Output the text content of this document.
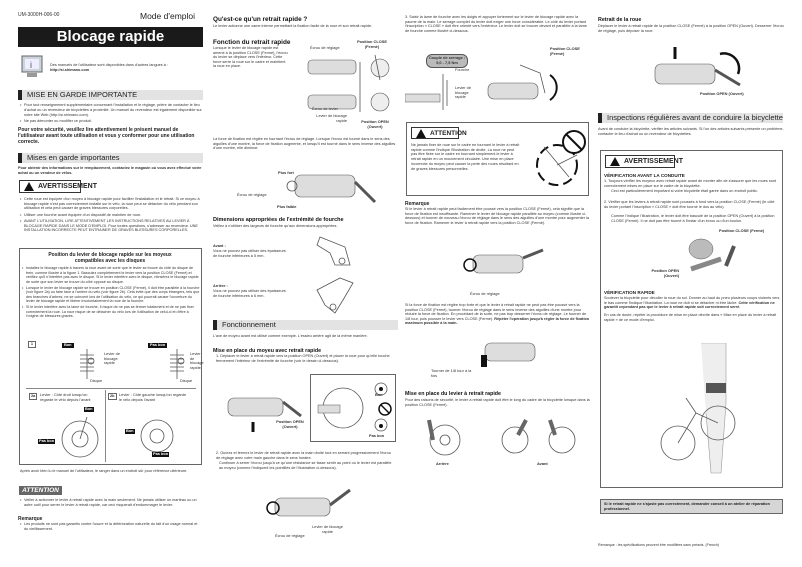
UM-3000H-006-00	Mode d'emploi
Blocage rapide
i	Des manuels de l'utilisateur sont disponibles dans d'autres langues à :
http://si.shimano.com
MISE EN GARDE IMPORTANTE
• Pour tout renseignement supplémentaire concernant l'installation et le réglage, prière de contacter le lieu d'achat ou un revendeur de bicyclettes à proximité. Un manuel du revendeur est également disponible sur notre site Web (http://si.shimano.com).
• Ne pas démonter ou modifier ce produit.
Pour votre sécurité, veuillez lire attentivement le présent manuel de l'utilisateur avant toute utilisation et vous y conformer pour une utilisation correcte.
Mises en garde importantes
Pour obtenir des informations sur le remplacement, contactez le magasin où vous avez effectué votre achat ou un vendeur de vélos.
AVERTISSEMENT
• Cette roue est équipée d'un moyeu à blocage rapide pour faciliter l'installation et le retrait. Si ce moyeu à blocage rapide n'est pas correctement installé sur le vélo, la roue peut se détacher du vélo pendant son utilisation et cela peut causer de graves blessures corporelles.
• Utiliser une fourche avant équipée d'un dispositif de maintien de roue.
• AVANT L'UTILISATION, LIRE ATTENTIVEMENT LES INSTRUCTIONS RELATIVES AU LEVIER À BLOCAGE RAPIDE DANS LE MODE D'EMPLOI. Pour toutes questions, s'adresser au revendeur. UNE INSTALLATION INCORRECTE PEUT ENTRAINER DE GRAVES BLESSURES CORPORELLES.
Position du levier de blocage rapide sur les moyeux compatibles avec les disques
• Installez le blocage rapide à travers la roue avant de sorte que le levier se trouve du côté du disque de frein, comme illustré à la figure 1. Basculez complètement le levier vers la position CLOSE (Fermé) et vérifiez qu'il n'interfère pas avec le disque. Si le levier interfère avec le disque, réinsérez le blocage rapide de sorte que son levier se trouve du côté opposé au disque.
• Lorsque le levier de blocage rapide se trouve en position CLOSE (Fermé), il doit être parallèle à la fourche (voir figure 2a) ou faire face à l'arrière du vélo (voir figure 2b). Cela évite que des corps étrangers, tels que des branches d'arbres, ne se coincent lors de l'utilisation du vélo, ce qui pourrait causer l'ouverture du levier de blocage rapide et libérer involontairement la roue de la fourche.
• Si le levier interfère avec la lame de fourche, il risque de ne pas se fermer totalement et de ne pas fixer correctement la roue. La roue risque de se détacher du vélo lors de l'utilisation de celui-ci et d'être à l'origine de blessures graves.
1	Bon
Levier de blocage rapide
Disque
Pas bon
Levier de blocage rapide
Disque
2a	Levier : Côté droit lorsqu'on regarde le vélo depuis l'avant
Bon
Pas bon
2b	Levier : Côté gauche lorsqu'on regarde le vélo depuis l'avant
Bon
Pas bon
Après avoir bien lu le manuel de l'utilisateur, le ranger dans un endroit sûr pour référence ultérieure.
ATTENTION
• Veiller à actionner le levier à retrait rapide avec la main seulement. Ne jamais utiliser un marteau ou un autre outil pour serrer le levier à retrait rapide, car ceci risquerait d'endommager le levier.
Remarque
• Les produits ne sont pas garantis contre l'usure et la détérioration naturelle du fait d'un usage normal et du vieillissement.
Qu'est-ce qu'un retrait rapide ?
Le levier actionne une came interne permettant la fixation facile de la roue et son retrait rapide.
Fonction du retrait rapide
Lorsque le levier de blocage rapide est amené à la position CLOSE (Fermé), l'écrou du levier se déplace vers l'intérieur. Cette force serre la roue sur le cadre et maintient la roue en place.
Écrou de réglage
Position CLOSE (Fermé)
Écrou de levier
Levier de blocage rapide	Position OPEN (Ouvert)
La force de fixation est réglée en tournant l'écrou de réglage. Lorsque l'écrou est tourné dans le sens des aiguilles d'une montre, la force de fixation augmente, et lorsqu'il est tourné dans le sens inverse des aiguilles d'une montre, elle diminue.
Plus fort
Écrou de réglage
Plus faible
Dimensions appropriées de l'extrémité de fourche
Veillez à n'utiliser des largeurs de fourche qu'aux dimensions appropriées.
Avant :
Vous ne pouvez pas utiliser des épaisseurs de fourche inférieures à 5 mm.
Arrière :
Vous ne pouvez pas utiliser des épaisseurs de fourche inférieures à 6 mm.
Fonctionnement
L'axe de moyeu avant est utilisé comme exemple. L'essieu arrière agit de la même manière.
Mise en place du moyeu avec retrait rapide
1. Déplacer le levier à retrait rapide vers la position OPEN (Ouvert) et placer la roue pour qu'elle touche fermement l'intérieur de l'extrémité de fourche (voir le dessin ci-dessous).
Position OPEN (Ouvert)
Bon
Pas bon
2. Ouvrez et fermez le levier de retrait rapide avec la main droite tout en serrant progressivement l'écrou de réglage avec votre main gauche dans le sens horaire.
Continuer à serrer l'écrou jusqu'à ce qu'une résistance se fasse sentir au point où le levier est parallèle au moyeu (comme l'indiquent les pointillés de l'illustration ci-dessous).
Levier de blocage rapide
Écrou de réglage
3. Saisir la lame de fourche avec les doigts et appuyer fortement sur le levier de blocage rapide avec la paume de la main. Le serrage complet du levier doit exiger une force considérable. Le côté du levier portant l'inscription « CLOSE » doit être orienté vers l'extérieur. Le levier doit se trouver devant et parallèle à la lame de fourche comme illustré ci-dessous.
Couple de serrage :
5,0 - 7,5 Nm
Fourche
Levier de blocage rapide
Position CLOSE (Fermé)
ATTENTION
Ne jamais fixer de roue sur le cadre en tournant le levier à retrait rapide comme l'indique l'illustration de droite. La roue ne peut pas être fixée sur le cadre en tournant simplement le levier à retrait rapide en un mouvement circulaire. Une mise en place incorrecte du moyeu peut causer la perte des roues résultant en de graves blessures personnelles.
Remarque
Si le levier à retrait rapide peut facilement être poussé vers la position CLOSE (Fermé), cela signifie que la force de fixation est insuffisante. Ramener le levier de blocage rapide parallèle au moyeu (comme illustré ci-dessous) et tourner de nouveau l'écrou de réglage dans le sens des aiguilles d'une montre pour augmenter la force de fixation. Ramener le levier à retrait rapide vers la position CLOSE (Fermé).
Écrou de réglage
Si la force de fixation est réglée trop forte et que le levier à retrait rapide ne peut pas être poussé vers la position CLOSE (Fermé), tourner l'écrou de réglage dans le sens inverse des aiguilles d'une montre pour réduire la force de fixation. En procédant de la sorte, ne pas trop desserrer l'écrou de réglage. Le tourner de 1/8 tour, puis pousser le levier vers CLOSE (Fermé). Répéter l'opération jusqu'à régler la force de fixation maximum possible à la main.
Tourner de 1/8 tour à la fois
Mise en place du levier à retrait rapide
Pour des raisons de sécurité, le levier à retrait rapide doit être le long du cadre de la bicyclette lorsque dans la position CLOSE (Fermé).
Arrière	Avant
Retrait de la roue
Déplacer le levier à retrait rapide de la position CLOSE (Fermé) à la position OPEN (Ouvert). Desserrer l'écrou de réglage, puis déposer la roue.
Position OPEN (Ouvert)
Inspections régulières avant de conduire la bicyclette
Avant de conduire la bicyclette, vérifier les articles suivants. Si l'un des articles suivants présente un problème, contacter le lieu d'achat ou un revendeur de bicyclettes.
AVERTISSEMENT
VÉRIFICATION AVANT LA CONDUITE
1. Toujours vérifier les moyeux avec retrait rapide avant de monter afin de s'assurer que les roues sont correctement mises en place sur le cadre de la bicyclette.
Ceci est particulièrement important si votre bicyclette était garée dans un endroit public.
2. Vérifier que les leviers à retrait rapide sont poussés à fond vers la position CLOSE (Fermé) (le côté du levier portant l'inscription « CLOSE » doit être tourné le dos au vélo).
Comme l'indique l'illustration, le levier doit être basculé de la position OPEN (Ouvert) à la position CLOSE (Fermé). Il ne doit pas être tourné à l'instar d'un écrou ou d'un boulon.
Position CLOSE (Fermé)
Position OPEN (Ouvert)
VÉRIFICATION RAPIDE
Soulever la bicyclette pour décoller la roue du sol. Donner au haut du pneu plusieurs coups violents vers le bas comme l'indique l'illustration. La roue ne doit ni se détacher ni être lâche. Cette vérification ne garantit cependant pas que le levier à retrait rapide soit correctement serré.
En cas de doute, répéter la procédure de mise en place décrite dans « Mise en place du levier à retrait rapide » de ce mode d'emploi.
Si le retrait rapide ne s'ajuste pas correctement, demander conseil à un atelier de réparation professionnel.
Remarque : les spécifications peuvent être modifiées sans préavis. (French)
